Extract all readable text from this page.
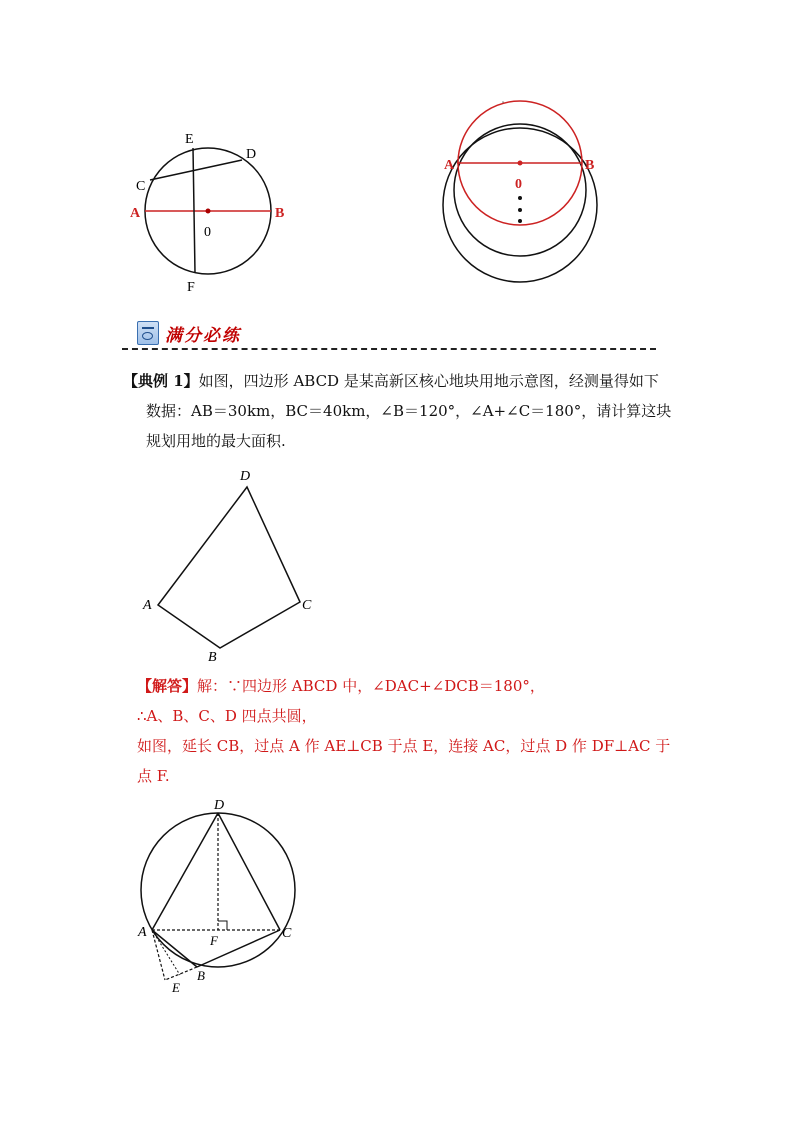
E
D
C
A	B
0
F
A	B
0
满分必练
【典例 1】如图，四边形 ABCD 是某高新区核心地块用地示意图，经测量得如下
数据：AB＝30km，BC＝40km，∠B＝120°，∠A+∠C＝180°，请计算这块
规划用地的最大面积.
D
A
B
C
【解答】解：∵四边形 ABCD 中，∠DAC+∠DCB＝180°，
∴A、B、C、D 四点共圆，
如图，延长 CB，过点 A 作 AE⊥CB 于点 E，连接 AC，过点 D 作 DF⊥AC 于
点 F.
D
A
F	C
B
E
